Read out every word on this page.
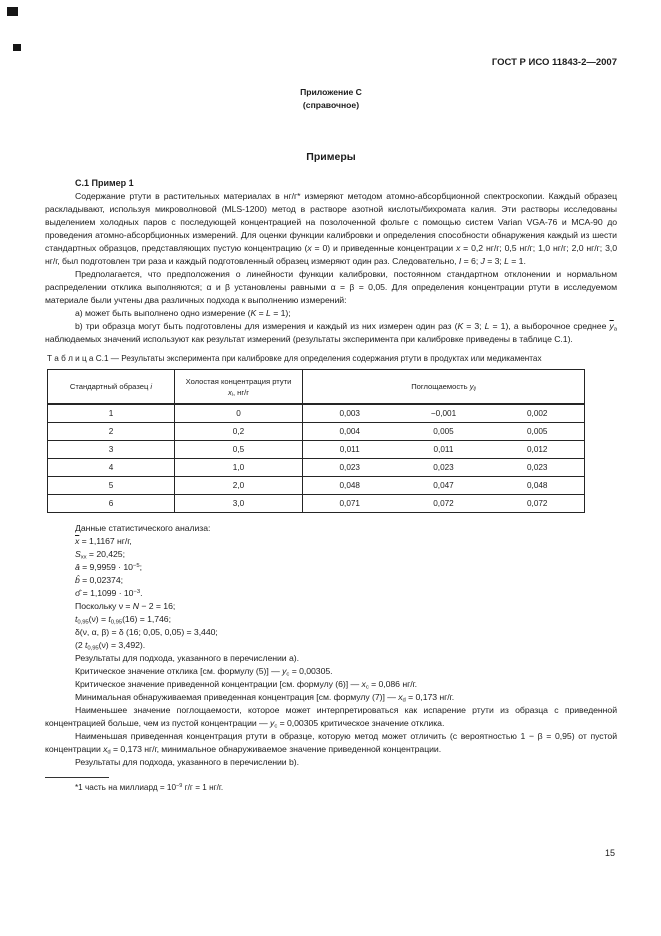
ГОСТ Р ИСО 11843-2—2007
Приложение С
(справочное)
Примеры
С.1 Пример 1

Содержание ртути в растительных материалах в нг/г* измеряют методом атомно-абсорбционной спектроскопии. Каждый образец раскладывают, используя микроволновой (MLS-1200) метод в растворе азотной кислоты/бихромата калия. Эти растворы исследованы выделением холодных паров с последующей концентрацией на позолоченной фольге с помощью систем Varian VGA-76 и МСА-90 до проведения атомно-абсорбционных измерений. Для оценки функции калибровки и определения способности обнаружения каждый из шести стандартных образцов, представляющих пустую концентрацию (x = 0) и приведенные концентрации x = 0,2 нг/г; 0,5 нг/г; 1,0 нг/г; 2,0 нг/г; 3,0 нг/г, был подготовлен три раза и каждый подготовленный образец измеряют один раз. Следовательно, I = 6; J = 3; L = 1.

Предполагается, что предположения о линейности функции калибровки, постоянном стандартном отклонении и нормальном распределении отклика выполняются; α и β установлены равными α = β = 0,05. Для определения концентрации ртути в исследуемом материале были учтены два различных подхода к выполнению измерений:

а) может быть выполнено одно измерение (K = L = 1);

b) три образца могут быть подготовлены для измерения и каждый из них измерен один раз (K = 3; L = 1), а выборочное среднее $\overline{y}_а$ наблюдаемых значений используют как результат измерений (результаты эксперимента при калибровке приведены в таблице С.1).

Т а б л и ц а С.1 — Результаты эксперимента при калибровке для определения содержания ртути в продуктах или медикаментах

Стандартный образец i	Холостая концентрация ртути $x_i$, нг/г	Поглощаемость $y_{ij}$
1	0	0,003	−0,001	0,002
2	0,2	0,004	0,005	0,005
3	0,5	0,011	0,011	0,012
4	1,0	0,023	0,023	0,023
5	2,0	0,048	0,047	0,048
6	3,0	0,071	0,072	0,072
Данные статистического анализа:
$\overline{x} = 1,1167$ нг/г,
$S_{xx} = 20,425$;
â = $9,9959 \cdot 10^{-5}$;
b̂ = 0,02374;
σ̂ = $1,1099 \cdot 10^{-3}$.
Поскольку ν = N − 2 = 16;
$t_{0,95}(\nu) = t_{0,95}(16) = 1,746$;
δ(ν, α, β) = δ (16; 0,05, 0,05) = 3,440;
(2 $t_{0,95}(\nu) = 3,492$).
Результаты для подхода, указанного в перечислении а).
Критическое значение отклика [см. формулу (5)] — $y_c = 0,00305$.
Критическое значение приведенной концентрации [см. формулу (6)] — $x_c = 0,086$ нг/г.
Минимальная обнаруживаемая приведенная концентрация [см. формулу (7)] — $x_d = 0,173$ нг/г.

Наименьшее значение поглощаемости, которое может интерпретироваться как испарение ртути из образца с приведенной концентрацией больше, чем из пустой концентрации — $y_c = 0,00305$ критическое значение отклика.

Наименьшая приведенная концентрация ртути в образце, которую метод может отличить (с вероятностью 1 − β = 0,95) от пустой концентрации $x_d = 0,173$ нг/г, минимальное обнаруживаемое значение приведенной концентрации.

Результаты для подхода, указанного в перечислении b).
*1 часть на миллиард = $10^{-9}$ г/г = 1 нг/г.
15
